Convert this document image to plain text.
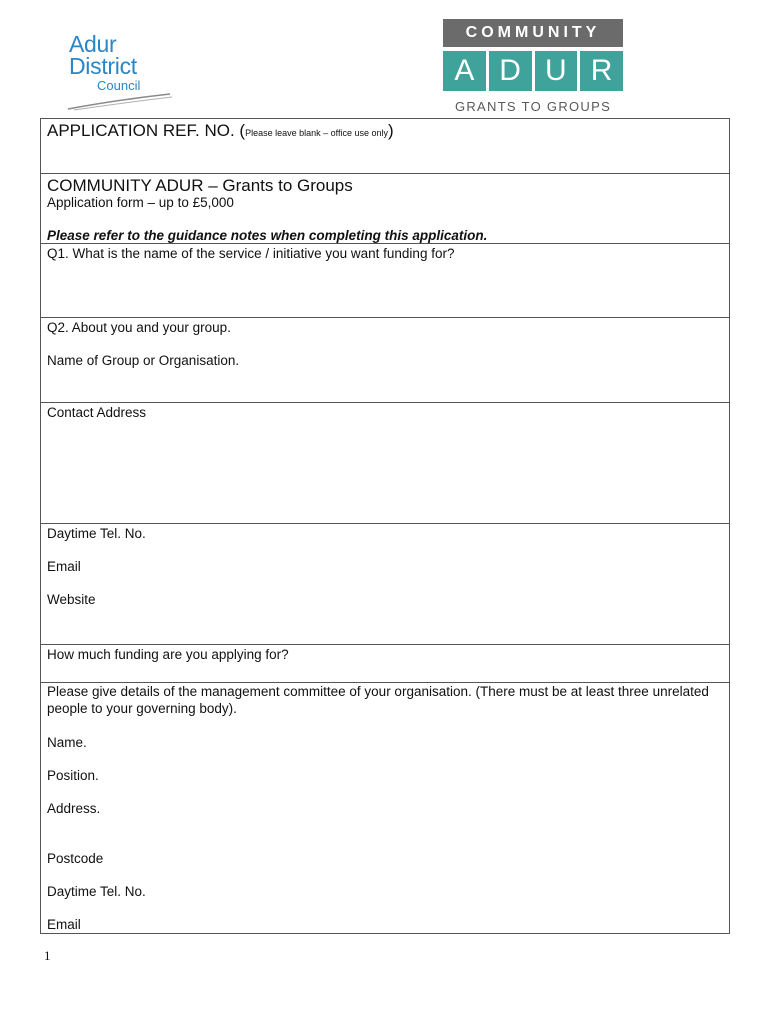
Adur
District
Council
COMMUNITY
A D U R
GRANTS TO GROUPS

APPLICATION REF. NO. (Please leave blank – office use only)

COMMUNITY ADUR – Grants to Groups

Application form – up to £5,000

Please refer to the guidance notes when completing this application.

Q1. What is the name of the service / initiative you want funding for?

Q2. About you and your group.

Name of Group or Organisation.

Contact Address

Daytime Tel. No.

Email

Website

How much funding are you applying for?

Please give details of the management committee of your organisation. (There must be at least three unrelated people to your governing body).

Name.

Position.

Address.

Postcode

Daytime Tel. No.

Email

1
